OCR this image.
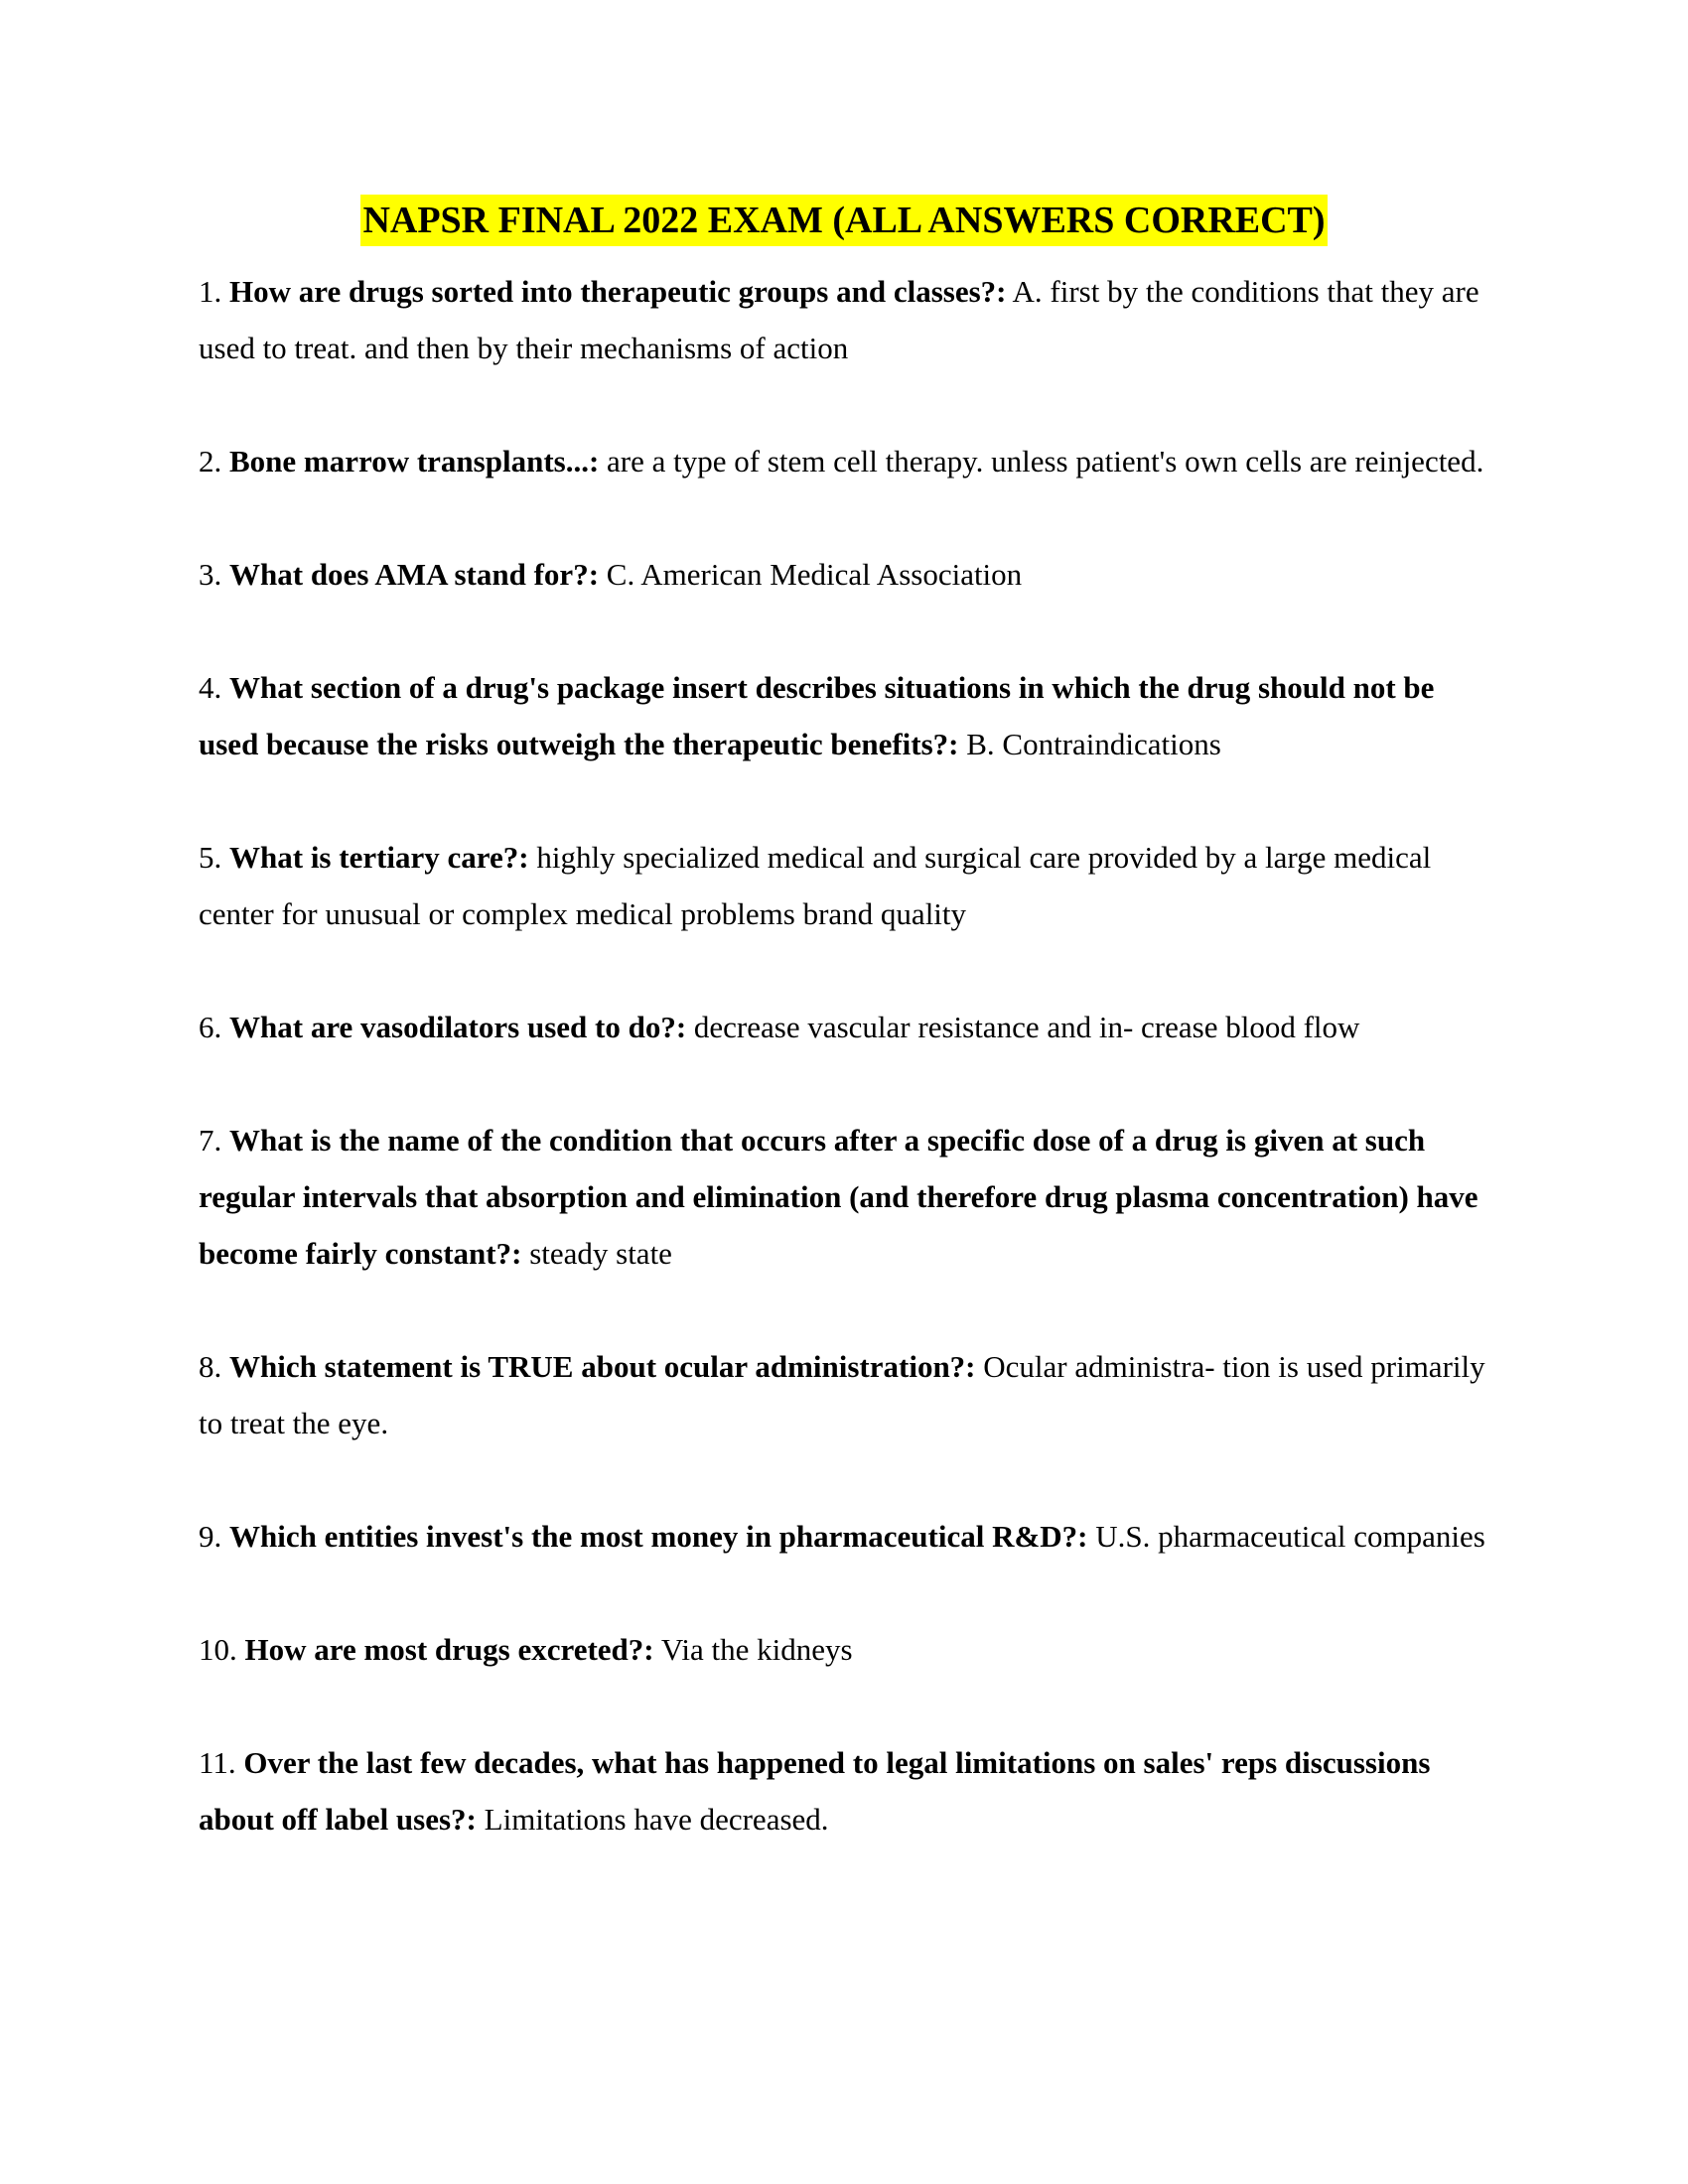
NAPSR FINAL 2022 EXAM (ALL ANSWERS CORRECT)

1. How are drugs sorted into therapeutic groups and classes?: A. first by the conditions that they are used to treat. and then by their mechanisms of action

2. Bone marrow transplants...: are a type of stem cell therapy. unless patient's own cells are reinjected.

3. What does AMA stand for?: C. American Medical Association

4. What section of a drug's package insert describes situations in which the drug should not be used because the risks outweigh the therapeutic benefits?: B. Contraindications

5. What is tertiary care?: highly specialized medical and surgical care provided by a large medical center for unusual or complex medical problems brand quality

6. What are vasodilators used to do?: decrease vascular resistance and in- crease blood flow

7. What is the name of the condition that occurs after a specific dose of a drug is given at such regular intervals that absorption and elimination (and therefore drug plasma concentration) have become fairly constant?: steady state

8. Which statement is TRUE about ocular administration?: Ocular administra- tion is used primarily to treat the eye.

9. Which entities invest's the most money in pharmaceutical R&D?: U.S. pharmaceutical companies

10. How are most drugs excreted?: Via the kidneys

11. Over the last few decades, what has happened to legal limitations on sales' reps discussions about off label uses?: Limitations have decreased.
